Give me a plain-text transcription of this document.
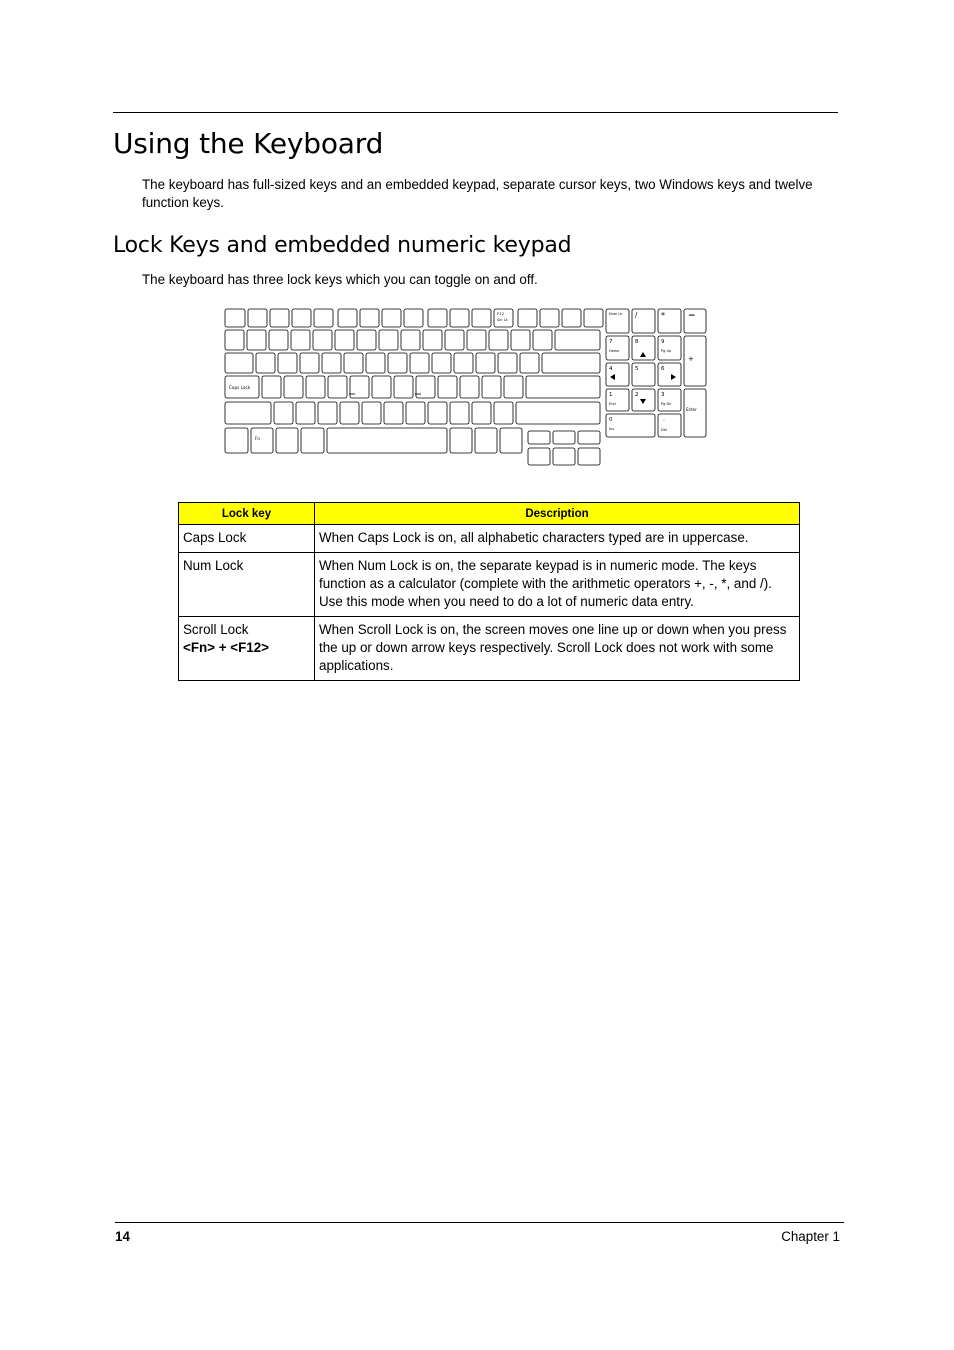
Using the Keyboard

The keyboard has full-sized keys and an embedded keypad, separate cursor keys, two Windows keys and twelve function keys.

Lock Keys and embedded numeric keypad

The keyboard has three lock keys which you can toggle on and off.

Caps Lock
Fn
F12
Scr Lk
Num Lk /	*	−
+
7
Home
8	9
Pg Up
4	5	6
1
End
2	3
Pg Dn
0
Ins
.
Del
Enter
Lock key	Description
Caps Lock	When Caps Lock is on, all alphabetic characters typed are in uppercase.
Num Lock	When Num Lock is on, the separate keypad is in numeric mode. The keys function as a calculator (complete with the arithmetic operators +, -, *, and /). Use this mode when you need to do a lot of numeric data entry.
Scroll Lock
<Fn> + <F12>	When Scroll Lock is on, the screen moves one line up or down when you press the up or down arrow keys respectively. Scroll Lock does not work with some applications.
14	Chapter 1
